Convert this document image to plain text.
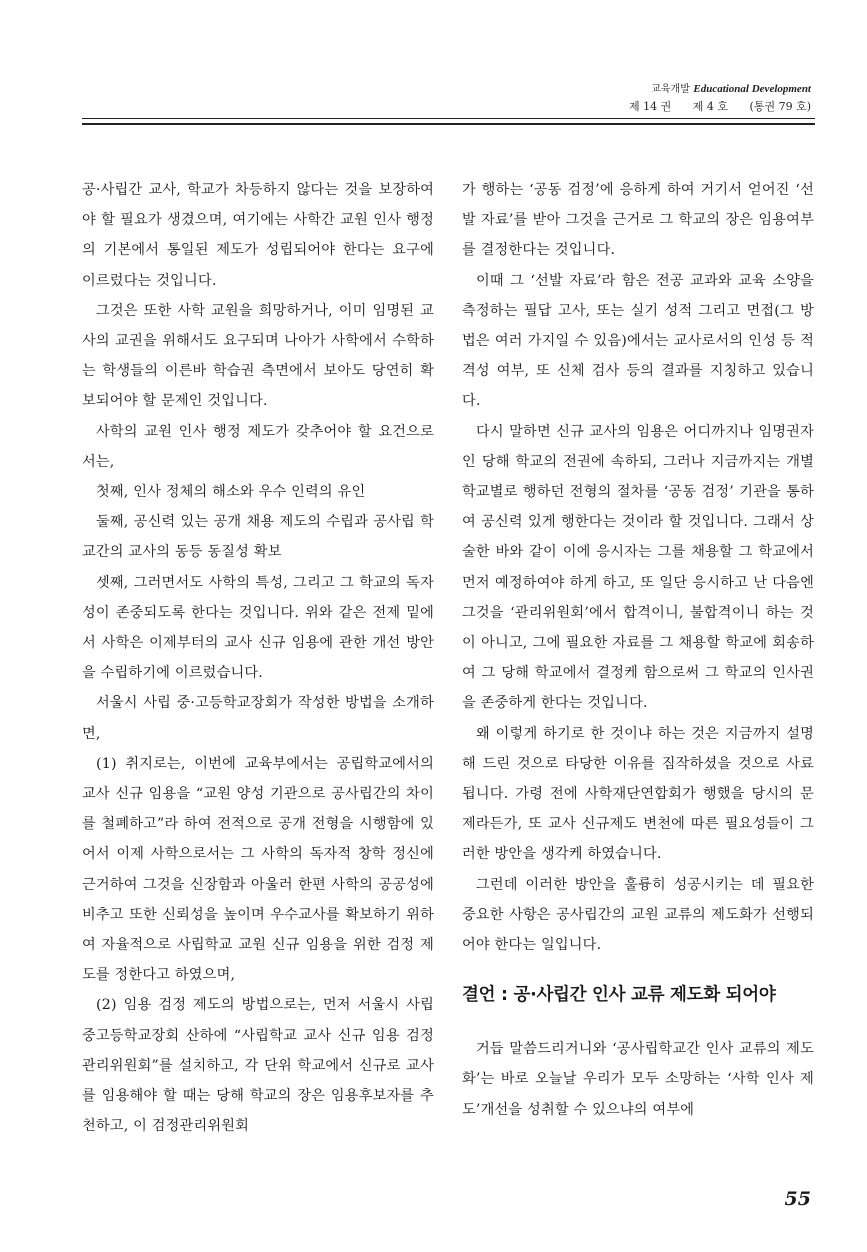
교육개발 Educational Development
제 14 권 제 4 호 (통권 79 호)

공·사립간 교사, 학교가 차등하지 않다는 것을 보장하여야 할 필요가 생겼으며, 여기에는 사학간 교원 인사 행정의 기본에서 통일된 제도가 성립되어야 한다는 요구에 이르렀다는 것입니다.

그것은 또한 사학 교원을 희망하거나, 이미 임명된 교사의 교권을 위해서도 요구되며 나아가 사학에서 수학하는 학생들의 이른바 학습권 측면에서 보아도 당연히 확보되어야 할 문제인 것입니다.

사학의 교원 인사 행정 제도가 갖추어야 할 요건으로서는,

첫째, 인사 정체의 해소와 우수 인력의 유인

둘째, 공신력 있는 공개 채용 제도의 수립과 공사립 학교간의 교사의 동등 동질성 확보

셋째, 그러면서도 사학의 특성, 그리고 그 학교의 독자성이 존중되도록 한다는 것입니다. 위와 같은 전제 밑에서 사학은 이제부터의 교사 신규 임용에 관한 개선 방안을 수립하기에 이르렀습니다.

서울시 사립 중·고등학교장회가 작성한 방법을 소개하면,

(1) 취지로는, 이번에 교육부에서는 공립학교에서의 교사 신규 임용을 “교원 양성 기관으로 공사립간의 차이를 철폐하고”라 하여 전적으로 공개 전형을 시행함에 있어서 이제 사학으로서는 그 사학의 독자적 창학 정신에 근거하여 그것을 신장함과 아울러 한편 사학의 공공성에 비추고 또한 신뢰성을 높이며 우수교사를 확보하기 위하여 자율적으로 사립학교 교원 신규 임용을 위한 검정 제도를 정한다고 하였으며,

(2) 임용 검정 제도의 방법으로는, 먼저 서울시 사립 중고등학교장회 산하에 “사립학교 교사 신규 임용 검정관리위원회”를 설치하고, 각 단위 학교에서 신규로 교사를 임용해야 할 때는 당해 학교의 장은 임용후보자를 추천하고, 이 검정관리위원회

가 행하는 ‘공동 검정’에 응하게 하여 거기서 얻어진 ‘선발 자료’를 받아 그것을 근거로 그 학교의 장은 임용여부를 결정한다는 것입니다.

이때 그 ‘선발 자료’라 함은 전공 교과와 교육 소양을 측정하는 필답 고사, 또는 실기 성적 그리고 면접(그 방법은 여러 가지일 수 있음)에서는 교사로서의 인성 등 적격성 여부, 또 신체 검사 등의 결과를 지칭하고 있습니다.

다시 말하면 신규 교사의 임용은 어디까지나 임명권자인 당해 학교의 전권에 속하되, 그러나 지금까지는 개별학교별로 행하던 전형의 절차를 ‘공동 검정’ 기관을 통하여 공신력 있게 행한다는 것이라 할 것입니다. 그래서 상술한 바와 같이 이에 응시자는 그를 채용할 그 학교에서 먼저 예정하여야 하게 하고, 또 일단 응시하고 난 다음엔 그것을 ‘관리위원회’에서 합격이니, 불합격이니 하는 것이 아니고, 그에 필요한 자료를 그 채용할 학교에 회송하여 그 당해 학교에서 결정케 함으로써 그 학교의 인사권을 존중하게 한다는 것입니다.

왜 이렇게 하기로 한 것이냐 하는 것은 지금까지 설명해 드린 것으로 타당한 이유를 짐작하셨을 것으로 사료됩니다. 가령 전에 사학재단연합회가 행했을 당시의 문제라든가, 또 교사 신규제도 변천에 따른 필요성들이 그러한 방안을 생각케 하였습니다.

그런데 이러한 방안을 훌륭히 성공시키는 데 필요한 중요한 사항은 공사립간의 교원 교류의 제도화가 선행되어야 한다는 일입니다.

결언 : 공·사립간 인사 교류 제도화 되어야

거듭 말씀드리거니와 ‘공사립학교간 인사 교류의 제도화’는 바로 오늘날 우리가 모두 소망하는 ‘사학 인사 제도’개선을 성취할 수 있으냐의 여부에

55
